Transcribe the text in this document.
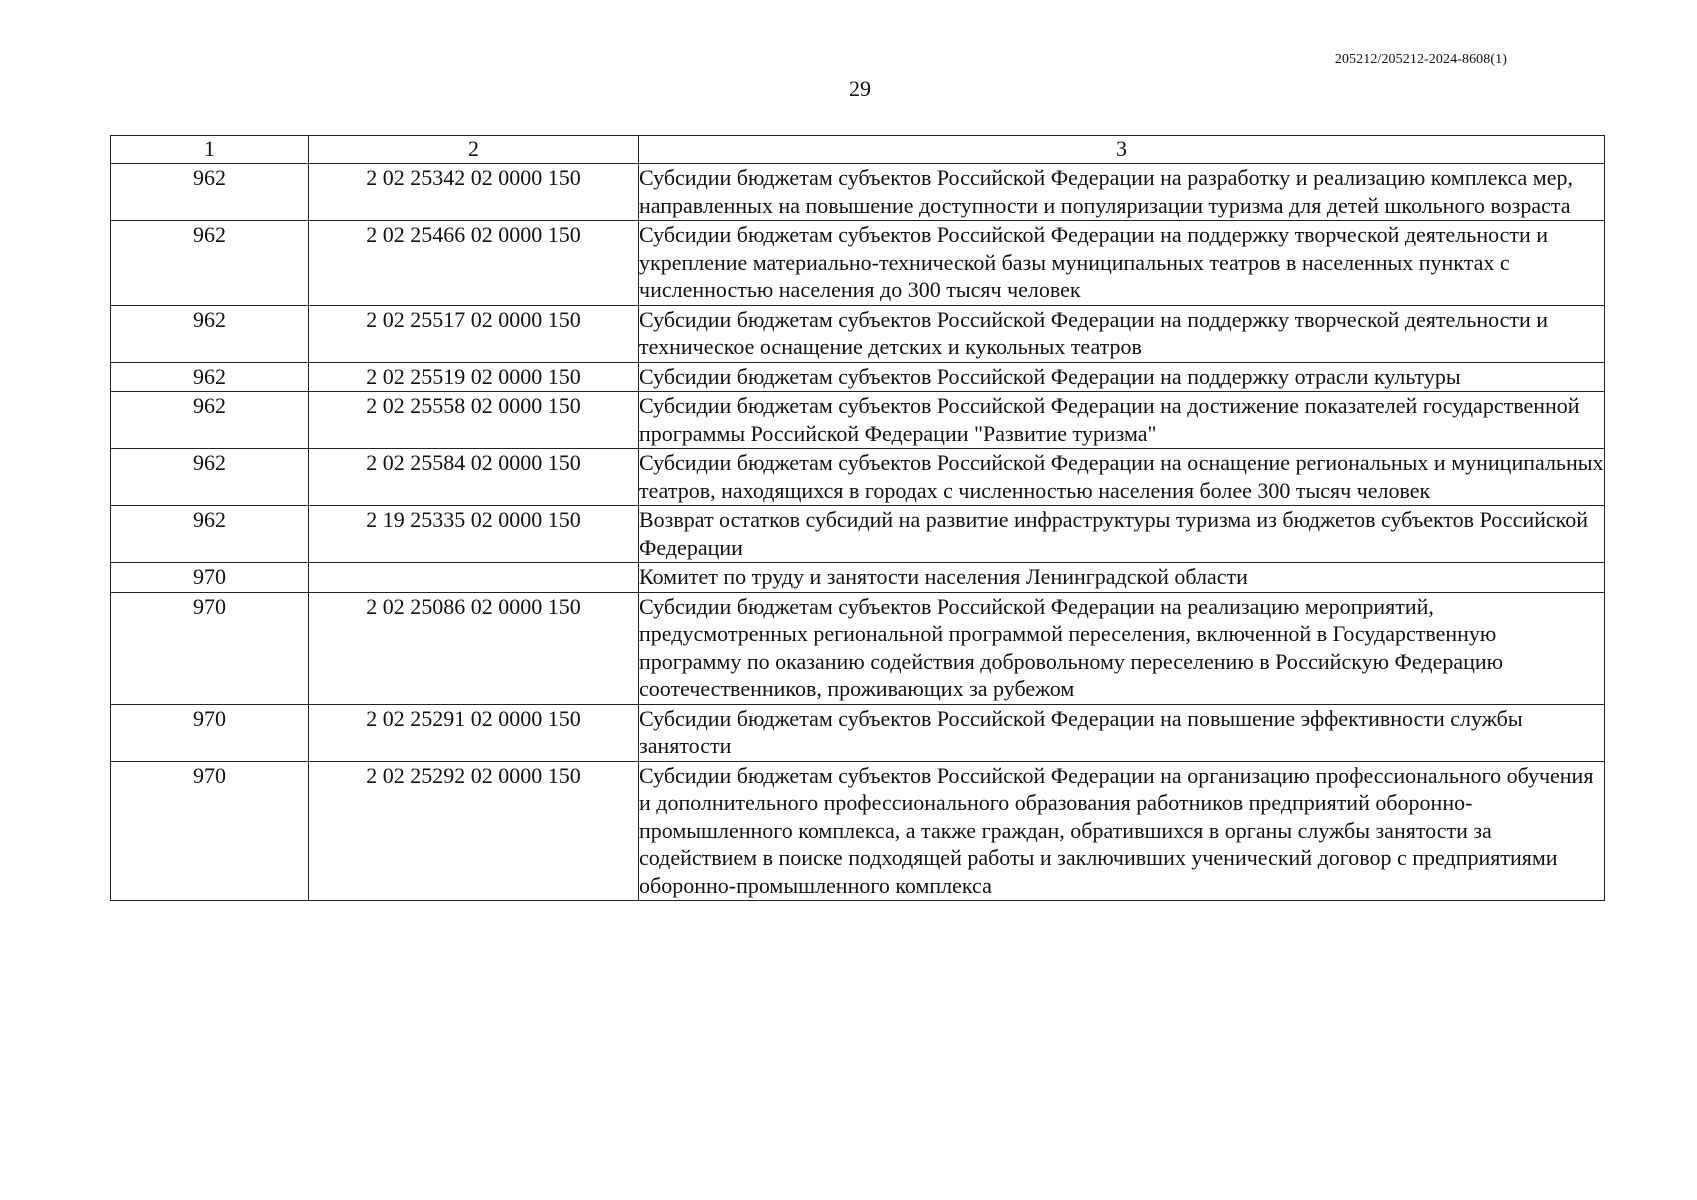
205212/205212-2024-8608(1)
29
1	2	3
962	2 02 25342 02 0000 150	Субсидии бюджетам субъектов Российской Федерации на разработку и реализацию комплекса мер, направленных на повышение доступности и популяризации туризма для детей школьного возраста
962	2 02 25466 02 0000 150	Субсидии бюджетам субъектов Российской Федерации на поддержку творческой деятельности и укрепление материально-технической базы муниципальных театров в населенных пунктах с численностью населения до 300 тысяч человек
962	2 02 25517 02 0000 150	Субсидии бюджетам субъектов Российской Федерации на поддержку творческой деятельности и техническое оснащение детских и кукольных театров
962	2 02 25519 02 0000 150	Субсидии бюджетам субъектов Российской Федерации на поддержку отрасли культуры
962	2 02 25558 02 0000 150	Субсидии бюджетам субъектов Российской Федерации на достижение показателей государственной программы Российской Федерации "Развитие туризма"
962	2 02 25584 02 0000 150	Субсидии бюджетам субъектов Российской Федерации на оснащение региональных и муниципальных театров, находящихся в городах с численностью населения более 300 тысяч человек
962	2 19 25335 02 0000 150	Возврат остатков субсидий на развитие инфраструктуры туризма из бюджетов субъектов Российской Федерации
970		Комитет по труду и занятости населения Ленинградской области
970	2 02 25086 02 0000 150	Субсидии бюджетам субъектов Российской Федерации на реализацию мероприятий, предусмотренных региональной программой переселения, включенной в Государственную программу по оказанию содействия добровольному переселению в Российскую Федерацию соотечественников, проживающих за рубежом
970	2 02 25291 02 0000 150	Субсидии бюджетам субъектов Российской Федерации на повышение эффективности службы занятости
970	2 02 25292 02 0000 150	Субсидии бюджетам субъектов Российской Федерации на организацию профессионального обучения и дополнительного профессионального образования работников предприятий оборонно-промышленного комплекса, а также граждан, обратившихся в органы службы занятости за содействием в поиске подходящей работы и заключивших ученический договор с предприятиями оборонно-промышленного комплекса
